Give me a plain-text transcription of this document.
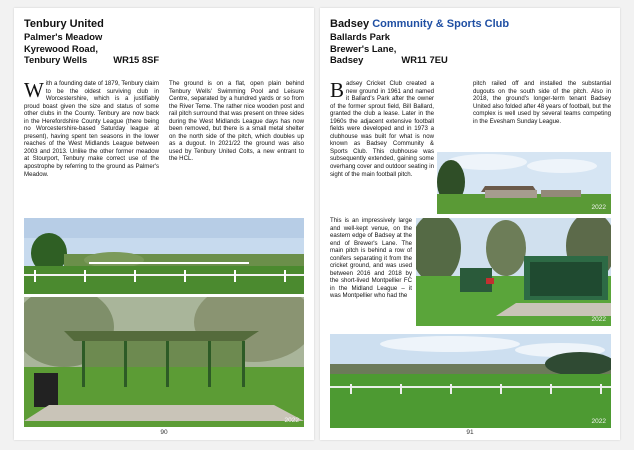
Tenbury United
Palmer's Meadow
Kyrewood Road,
Tenbury Wells	WR15 8SF
With a founding date of 1879, Tenbury claim to be the oldest surviving club in Worcestershire, which is a justifiably proud boast given the size and status of some other clubs in the County. Tenbury are now back in the Herefordshire County League (there being no Worcestershire-based Saturday league at present), having spent ten seasons in the lower reaches of the West Midlands League between 2003 and 2013. Unlike the other former meadow at Stourport, Tenbury make correct use of the apostrophe by referring to the ground as Palmer's Meadow.
The ground is on a flat, open plain behind Tenbury Wells' Swimming Pool and Leisure Centre, separated by a hundred yards or so from the River Teme. The rather nice wooden post and rail pitch surround that was present on three sides during the West Midlands League days has now been removed, but there is a small metal shelter on the north side of the pitch, which doubles up as a dugout. In 2021/22 the ground was also used by Tenbury United Colts, a new entrant to the HCL.
2022
90
Badsey Community & Sports Club
Ballards Park
Brewer's Lane,
Badsey	WR11 7EU
Badsey Cricket Club created a new ground in 1961 and named it Ballard's Park after the owner of the former sprout field, Bill Ballard, granted the club a lease. Later in the 1960s the adjacent extensive football fields were developed and in 1973 a clubhouse was built for what is now known as Badsey Community & Sports Club. This clubhouse was subsequently extended, gaining some overhang cover and outdoor seating in sight of the main football pitch.
This is an impressively large and well-kept venue, on the eastern edge of Badsey at the end of Brewer's Lane. The main pitch is behind a row of conifers separating it from the cricket ground, and was used between 2016 and 2018 by the short-lived Montpellier FC in the Midland League – it was Montpellier who had the
pitch railed off and installed the substantial dugouts on the south side of the pitch. Also in 2018, the ground's longer-term tenant Badsey United also folded after 48 years of football, but the complex is well used by several teams competing in the Evesham Sunday League.
2022
2022
2022
91
